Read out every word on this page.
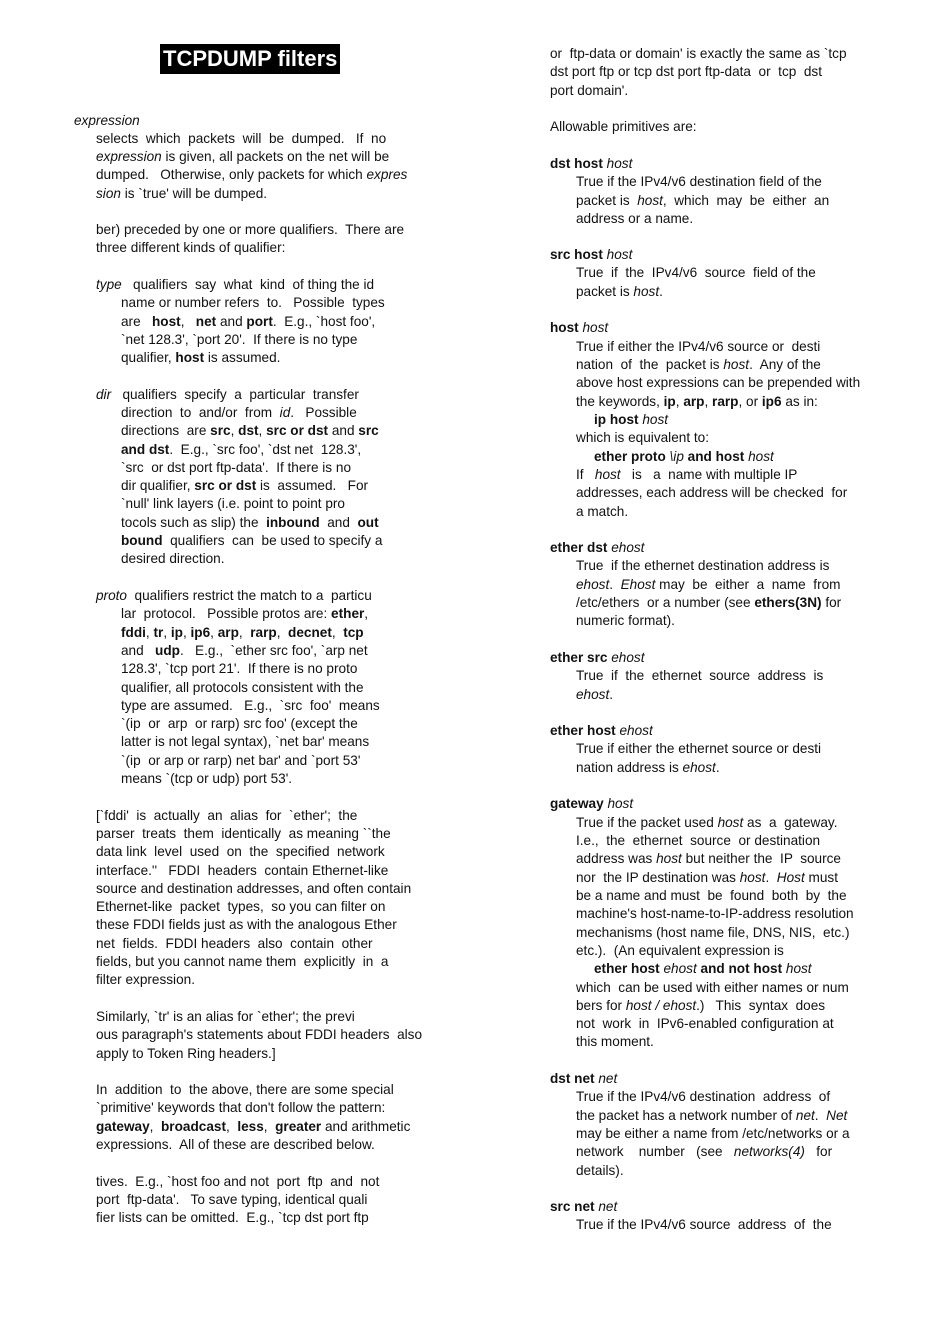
TCPDUMP filters
expression
selects  which  packets  will  be  dumped.   If  no
expression is given, all packets on the net will be
dumped.   Otherwise, only packets for which expres
sion is `true' will be dumped.
ber) preceded by one or more qualifiers.  There are
three different kinds of qualifier:
type   qualifiers  say  what  kind  of thing the id
name or number refers  to.   Possible  types
are   host,   net and port.  E.g., `host foo',
`net 128.3', `port 20'.  If there is no type
qualifier, host is assumed.
dir   qualifiers  specify  a  particular  transfer
direction  to  and/or  from  id.   Possible
directions  are src, dst, src or dst and src
and dst.  E.g., `src foo', `dst net  128.3',
`src  or dst port ftp-data'.  If there is no
dir qualifier, src or dst is  assumed.   For
`null' link layers (i.e. point to point pro
tocols such as slip) the  inbound  and  out
bound  qualifiers  can  be used to specify a
desired direction.
proto  qualifiers restrict the match to a  particu
lar  protocol.   Possible protos are: ether,
fddi, tr, ip, ip6, arp,  rarp,  decnet,  tcp
and   udp.   E.g.,  `ether src foo', `arp net
128.3', `tcp port 21'.  If there is no proto
qualifier, all protocols consistent with the
type are assumed.   E.g.,  `src  foo'  means
`(ip  or  arp  or rarp) src foo' (except the
latter is not legal syntax), `net bar' means
`(ip  or arp or rarp) net bar' and `port 53'
means `(tcp or udp) port 53'.
[`fddi'  is  actually  an  alias  for  `ether';  the
parser  treats  them  identically  as meaning ``the
data link  level  used  on  the  specified  network
interface.''   FDDI  headers  contain Ethernet-like
source and destination addresses, and often contain
Ethernet-like  packet  types,  so you can filter on
these FDDI fields just as with the analogous Ether
net  fields.  FDDI headers  also  contain  other
fields, but you cannot name them  explicitly  in  a
filter expression.
Similarly, `tr' is an alias for `ether'; the previ
ous paragraph's statements about FDDI headers  also
apply to Token Ring headers.]
In  addition  to  the above, there are some special
`primitive' keywords that don't follow the pattern:
gateway,  broadcast,  less,  greater and arithmetic
expressions.  All of these are described below.
tives.  E.g., `host foo and not  port  ftp  and  not
port  ftp-data'.   To save typing, identical quali
fier lists can be omitted.  E.g., `tcp dst port ftp
or  ftp-data or domain' is exactly the same as `tcp
dst port ftp or tcp dst port ftp-data  or  tcp  dst
port domain'.
Allowable primitives are:
dst host host
True if the IPv4/v6 destination field of the
packet is  host,  which  may  be  either  an
address or a name.
src host host
True  if  the  IPv4/v6  source  field of the
packet is host.
host host
True if either the IPv4/v6 source or  desti
nation  of  the  packet is host.  Any of the
above host expressions can be prepended with
the keywords, ip, arp, rarp, or ip6 as in:
ip host host
which is equivalent to:
ether proto \ip and host host
If   host   is   a  name with multiple IP
addresses, each address will be checked  for
a match.
ether dst ehost
True  if the ethernet destination address is
ehost.  Ehost may  be  either  a  name  from
/etc/ethers  or a number (see ethers(3N) for
numeric format).
ether src ehost
True  if  the  ethernet  source  address  is
ehost.
ether host ehost
True if either the ethernet source or desti
nation address is ehost.
gateway host
True if the packet used host as  a  gateway.
I.e.,  the  ethernet  source  or destination
address was host but neither the  IP  source
nor  the IP destination was host.  Host must
be a name and must  be  found  both  by  the
machine's host-name-to-IP-address resolution
mechanisms (host name file, DNS, NIS,  etc.)
etc.).  (An equivalent expression is
ether host ehost and not host host
which  can be used with either names or num
bers for host / ehost.)   This  syntax  does
not  work  in  IPv6-enabled configuration at
this moment.
dst net net
True if the IPv4/v6 destination  address  of
the packet has a network number of net.  Net
may be either a name from /etc/networks or a
network    number   (see   networks(4)   for
details).
src net net
True if the IPv4/v6 source  address  of  the
